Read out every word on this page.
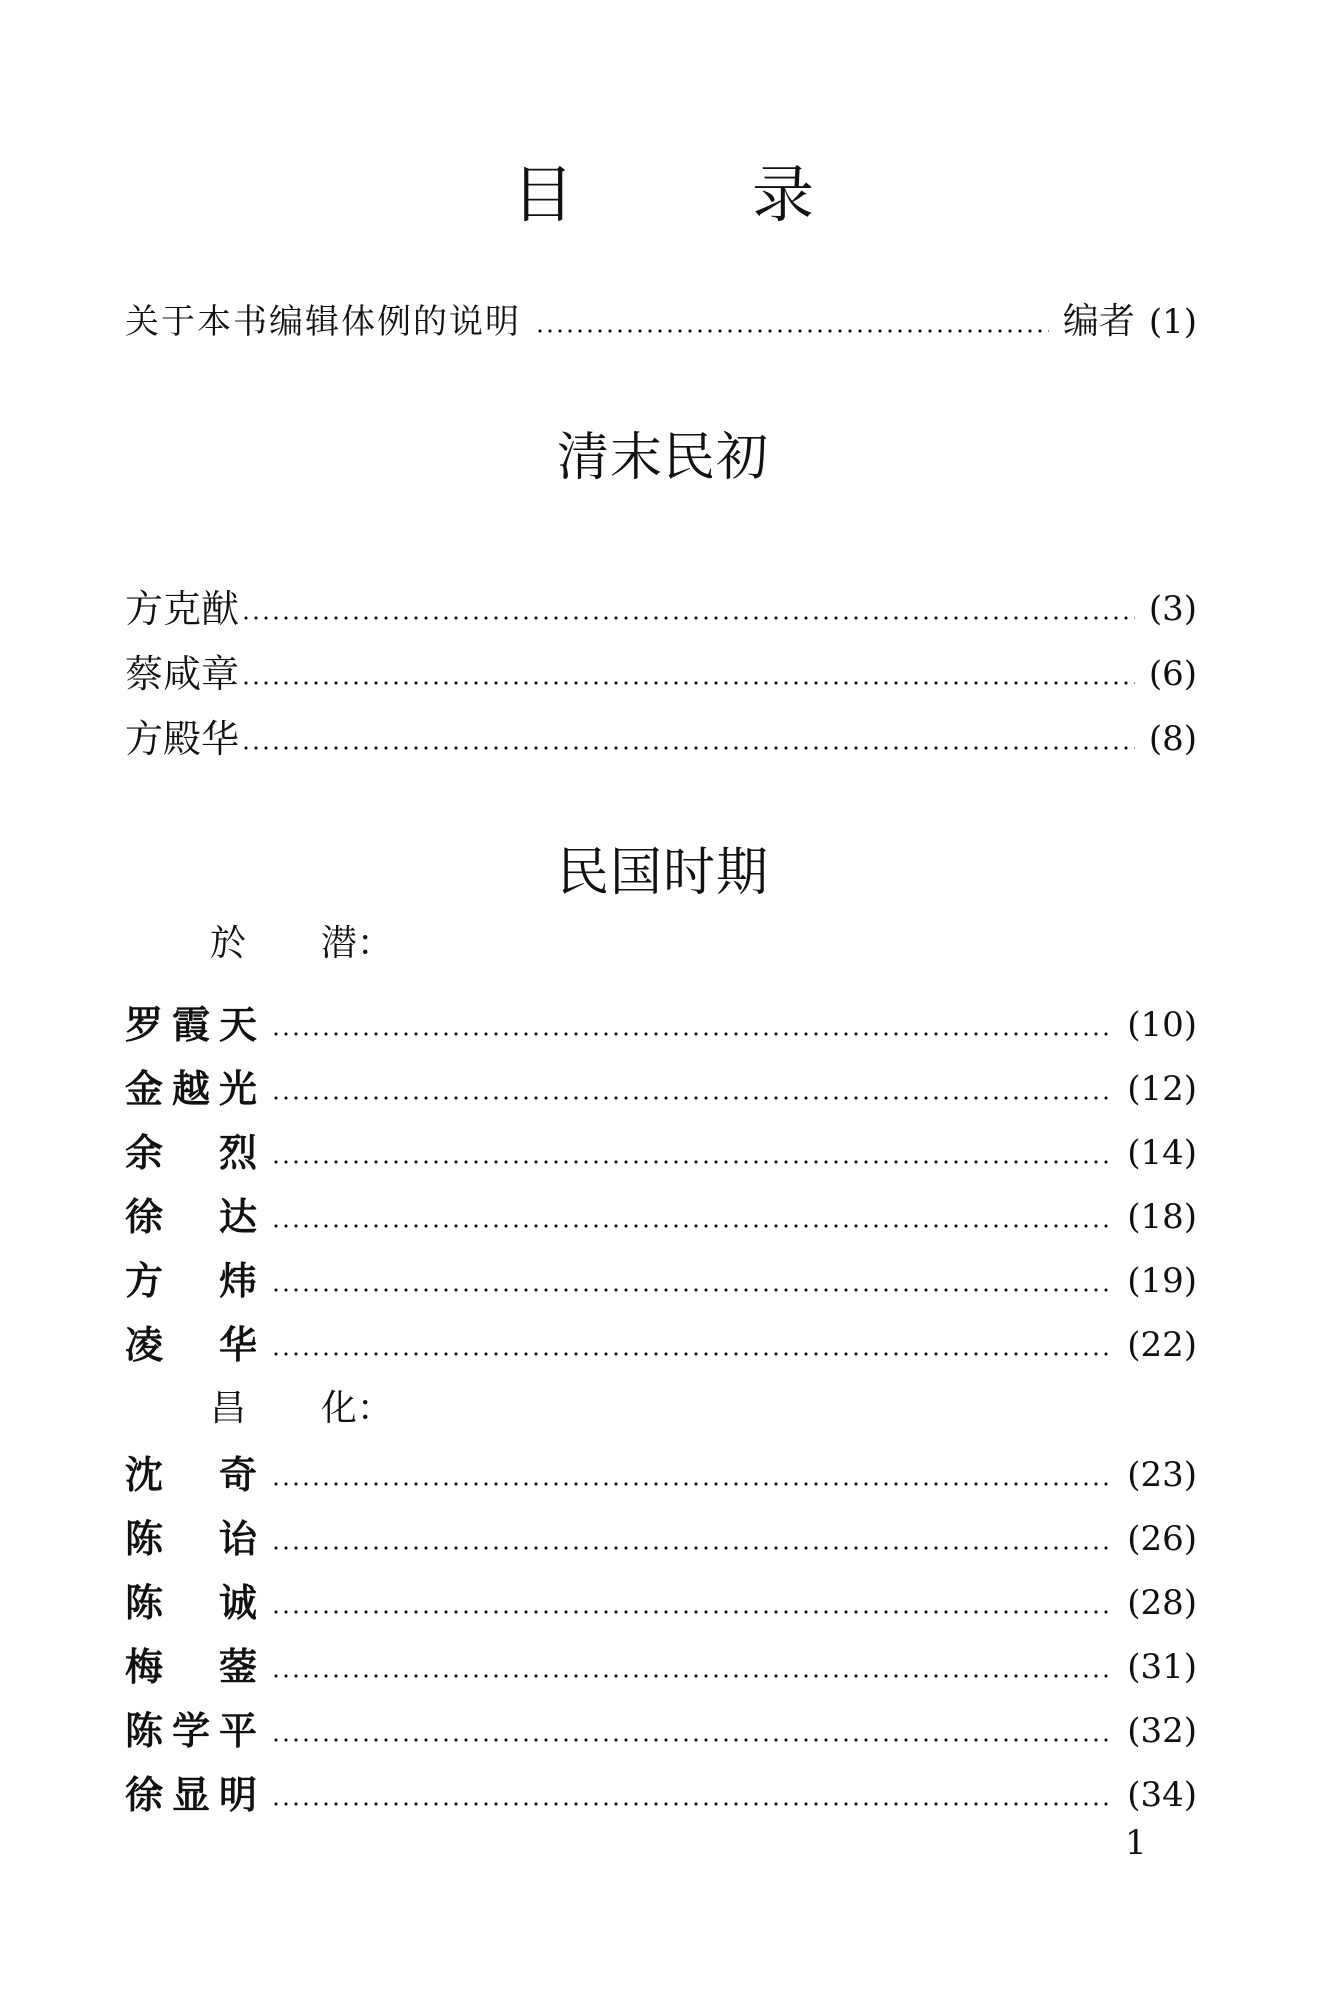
目	录
关于本书编辑体例的说明	编者 (1)
清末民初
方克猷	(3)
蔡咸章	(6)
方殿华	(8)
民国时期
於 潜：
罗霞天	(10)
金越光	(12)
余　烈	(14)
徐　达	(18)
方　炜	(19)
凌　华	(22)
昌 化：
沈　奇	(23)
陈　诒	(26)
陈　诚	(28)
梅　蓥	(31)
陈学平	(32)
徐显明	(34)
1
